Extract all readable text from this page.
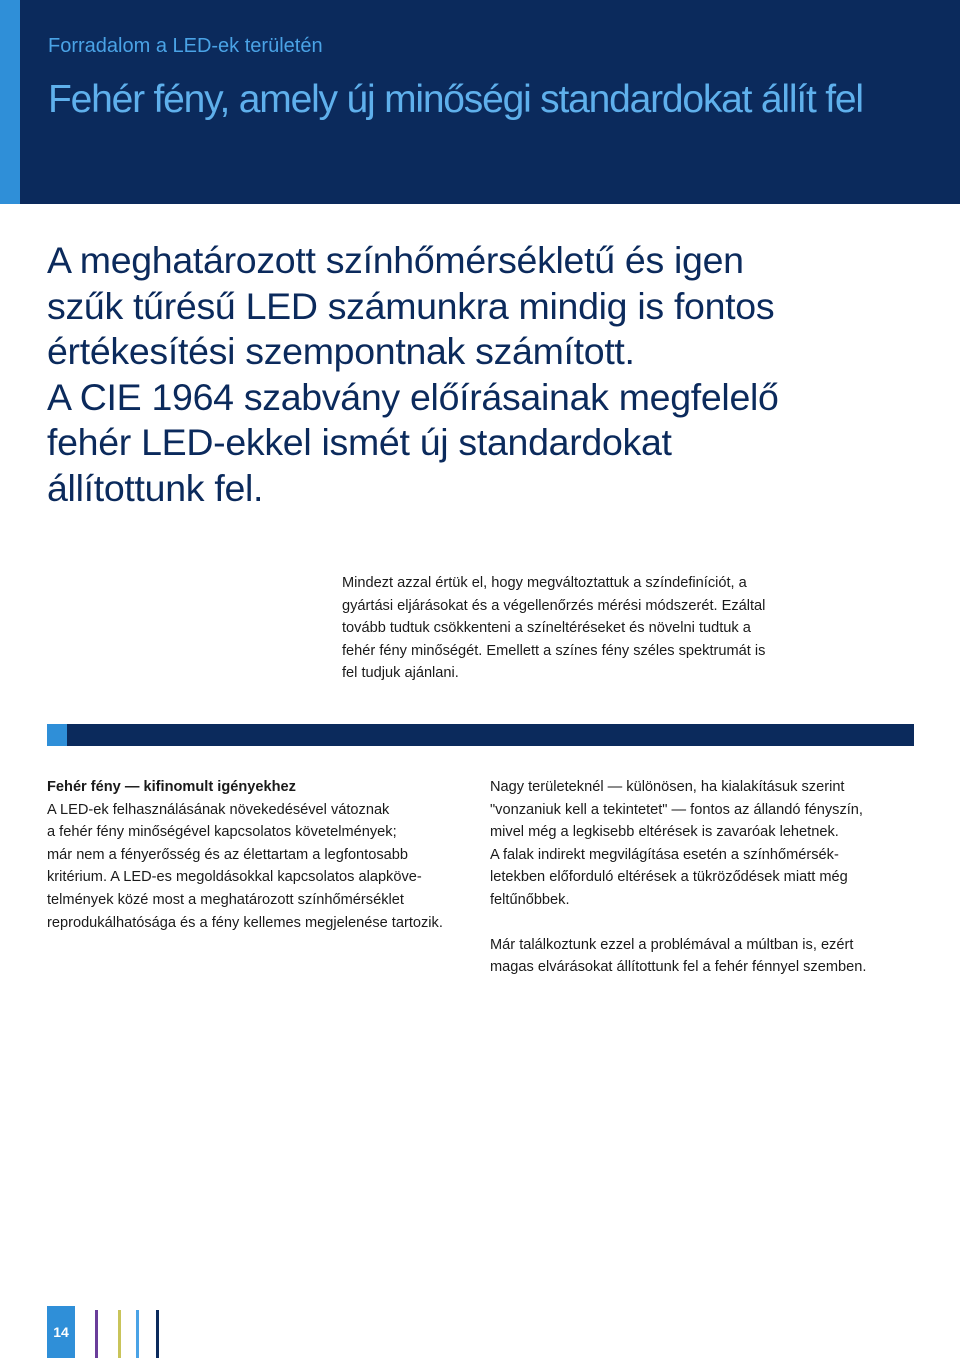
Forradalom a LED-ek területén
Fehér fény, amely új minőségi standardokat állít fel
A meghatározott színhőmérsékletű és igen
szűk tűrésű LED számunkra mindig is fontos
értékesítési szempontnak számított.
A CIE 1964 szabvány előírásainak megfelelő
fehér LED-ekkel ismét új standardokat
állítottunk fel.
Mindezt azzal értük el, hogy megváltoztattuk a színdefiníciót, a
gyártási eljárásokat és a végellenőrzés mérési módszerét. Ezáltal
tovább tudtuk csökkenteni a színeltéréseket és növelni tudtuk a
fehér fény minőségét. Emellett a színes fény széles spektrumát is
fel tudjuk ajánlani.
Fehér fény — kifinomult igényekhez
A LED-ek felhasználásának növekedésével vátoznak
a fehér fény minőségével kapcsolatos követelmények;
már nem a fényerősség és az élettartam a legfontosabb
kritérium. A LED-es megoldásokkal kapcsolatos alapköve-
telmények közé most a meghatározott színhőmérséklet
reprodukálhatósága és a fény kellemes megjelenése tartozik.
Nagy területeknél — különösen, ha kialakításuk szerint
"vonzaniuk kell a tekintetet" — fontos az állandó fényszín,
mivel még a legkisebb eltérések is zavaróak lehetnek.
A falak indirekt megvilágítása esetén a színhőmérsék-
letekben előforduló eltérések a tükröződések miatt még
feltűnőbbek.
Már találkoztunk ezzel a problémával a múltban is, ezért
magas elvárásokat állítottunk fel a fehér fénnyel szemben.
14
